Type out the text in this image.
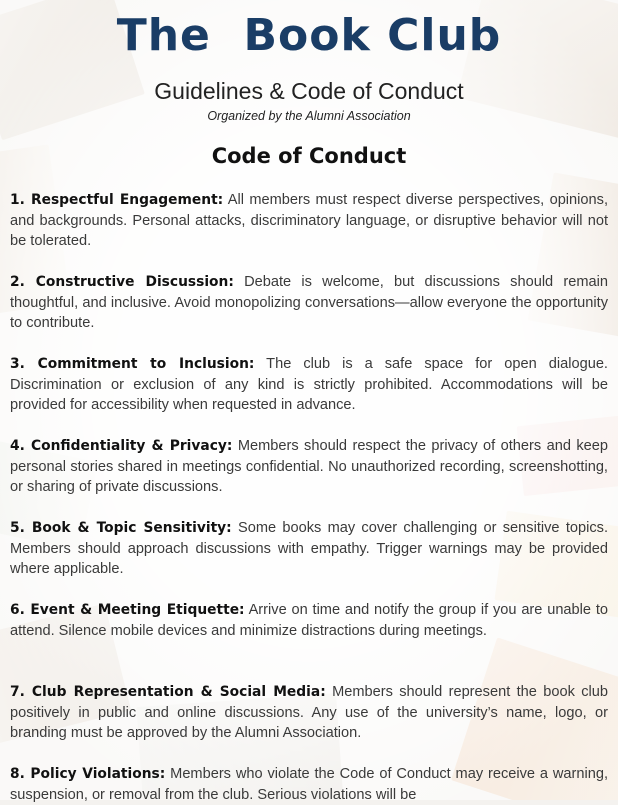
The  Book Club
Guidelines & Code of Conduct
Organized by the Alumni Association
Code of Conduct

1. Respectful Engagement: All members must respect diverse perspectives, opinions, and backgrounds. Personal attacks, discriminatory language, or disruptive behavior will not be tolerated.

2. Constructive Discussion: Debate is welcome, but discussions should remain thoughtful, and inclusive. Avoid monopolizing conversations—allow everyone the opportunity to contribute.

3. Commitment to Inclusion: The club is a safe space for open dialogue. Discrimination or exclusion of any kind is strictly prohibited. Accommodations will be provided for accessibility when requested in advance.

4. Confidentiality & Privacy: Members should respect the privacy of others and keep personal stories shared in meetings confidential. No unauthorized recording, screenshotting, or sharing of private discussions.

5. Book & Topic Sensitivity: Some books may cover challenging or sensitive topics. Members should approach discussions with empathy. Trigger warnings may be provided where applicable.

6. Event & Meeting Etiquette: Arrive on time and notify the group if you are unable to attend. Silence mobile devices and minimize distractions during meetings.

7. Club Representation & Social Media: Members should represent the book club positively in public and online discussions. Any use of the university’s name, logo, or branding must be approved by the Alumni Association.

8. Policy Violations: Members who violate the Code of Conduct may receive a warning, suspension, or removal from the club. Serious violations will be
